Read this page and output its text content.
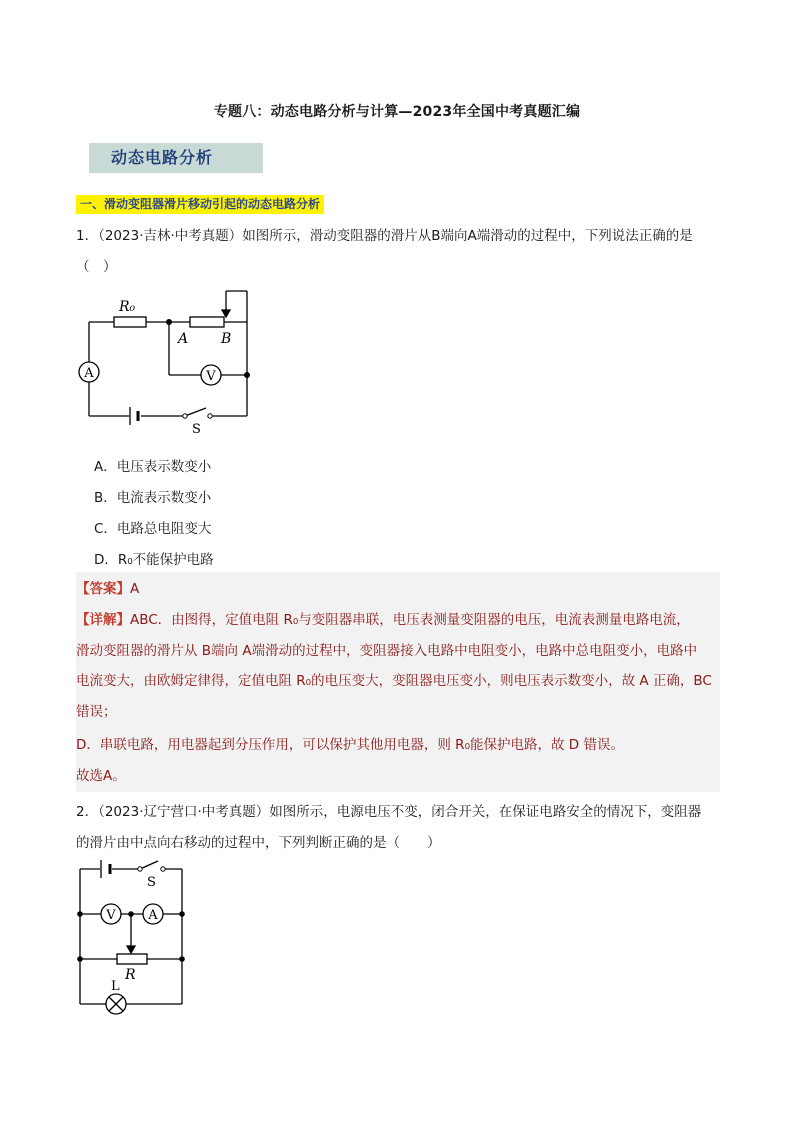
专题八：动态电路分析与计算—2023年全国中考真题汇编
动态电路分析
一、滑动变阻器滑片移动引起的动态电路分析
1．（2023·吉林·中考真题）如图所示，滑动变阻器的滑片从B端向A端滑动的过程中，下列说法正确的是
（　）
A	V
R₀
A B
S
A．电压表示数变小
B．电流表示数变小
C．电路总电阻变大
D．R₀不能保护电路
【答案】A
【详解】ABC．由图得，定值电阻 R₀与变阻器串联，电压表测量变阻器的电压，电流表测量电路电流，
滑动变阻器的滑片从 B端向 A端滑动的过程中，变阻器接入电路中电阻变小，电路中总电阻变小，电路中
电流变大，由欧姆定律得，定值电阻 R₀的电压变大，变阻器电压变小，则电压表示数变小，故 A 正确，BC
错误；
D．串联电路，用电器起到分压作用，可以保护其他用电器，则 R₀能保护电路，故 D 错误。
故选A。
2．（2023·辽宁营口·中考真题）如图所示，电源电压不变，闭合开关，在保证电路安全的情况下，变阻器
的滑片由中点向右移动的过程中，下列判断正确的是（　　）
V	A
S
R
L
